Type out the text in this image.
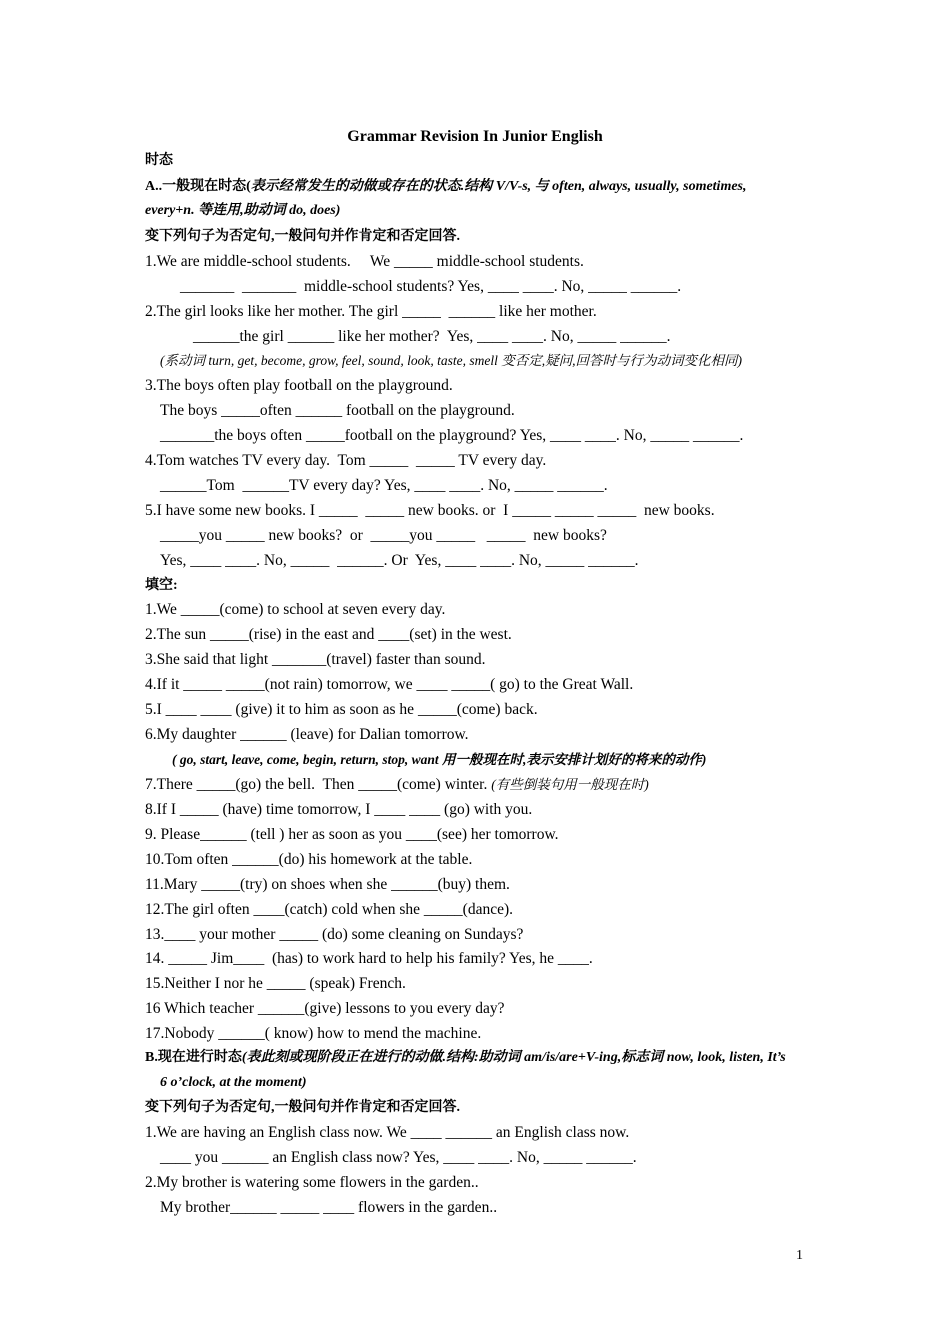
Grammar Revision In Junior English
时态
A..一般现在时态(表示经常发生的动做或存在的状态.结构 V/V-s, 与 often, always, usually, sometimes,
every+n. 等连用,助动词 do, does)
变下列句子为否定句,一般问句并作肯定和否定回答.
1.We are middle-school students.     We _____ middle-school students.
_______  _______  middle-school students? Yes, ____ ____. No, _____ ______.
2.The girl looks like her mother. The girl _____  ______ like her mother.
______the girl ______ like her mother?  Yes, ____ ____. No, _____ ______.
(系动词 turn, get, become, grow, feel, sound, look, taste, smell 变否定,疑问,回答时与行为动词变化相同)
3.The boys often play football on the playground.
The boys _____often ______ football on the playground.
_______the boys often _____football on the playground? Yes, ____ ____. No, _____ ______.
4.Tom watches TV every day.  Tom _____  _____ TV every day.
______Tom  ______TV every day? Yes, ____ ____. No, _____ ______.
5.I have some new books. I _____  _____ new books. or  I _____ _____ _____  new books.
_____you _____ new books?  or  _____you _____   _____  new books?
Yes, ____ ____. No, _____  ______. Or  Yes, ____ ____. No, _____ ______.
填空:
1.We _____(come) to school at seven every day.
2.The sun _____(rise) in the east and ____(set) in the west.
3.She said that light _______(travel) faster than sound.
4.If it _____ _____(not rain) tomorrow, we ____ _____( go) to the Great Wall.
5.I ____ ____ (give) it to him as soon as he _____(come) back.
6.My daughter ______ (leave) for Dalian tomorrow.
( go, start, leave, come, begin, return, stop, want 用一般现在时,表示安排计划好的将来的动作)
7.There _____(go) the bell.  Then _____(come) winter. (有些倒装句用一般现在时)
8.If I _____ (have) time tomorrow, I ____ ____ (go) with you.
9. Please______ (tell ) her as soon as you ____(see) her tomorrow.
10.Tom often ______(do) his homework at the table.
11.Mary _____(try) on shoes when she ______(buy) them.
12.The girl often ____(catch) cold when she _____(dance).
13.____ your mother _____ (do) some cleaning on Sundays?
14. _____ Jim____  (has) to work hard to help his family? Yes, he ____.
15.Neither I nor he _____ (speak) French.
16 Which teacher ______(give) lessons to you every day?
17.Nobody ______( know) how to mend the machine.
B.现在进行时态(表此刻或现阶段正在进行的动做.结构:助动词 am/is/are+V-ing,标志词 now, look, listen, It’s
6 o’clock, at the moment)
变下列句子为否定句,一般问句并作肯定和否定回答.
1.We are having an English class now. We ____ ______ an English class now.
____ you ______ an English class now? Yes, ____ ____. No, _____ ______.
2.My brother is watering some flowers in the garden..
My brother______ _____ ____ flowers in the garden..
1
